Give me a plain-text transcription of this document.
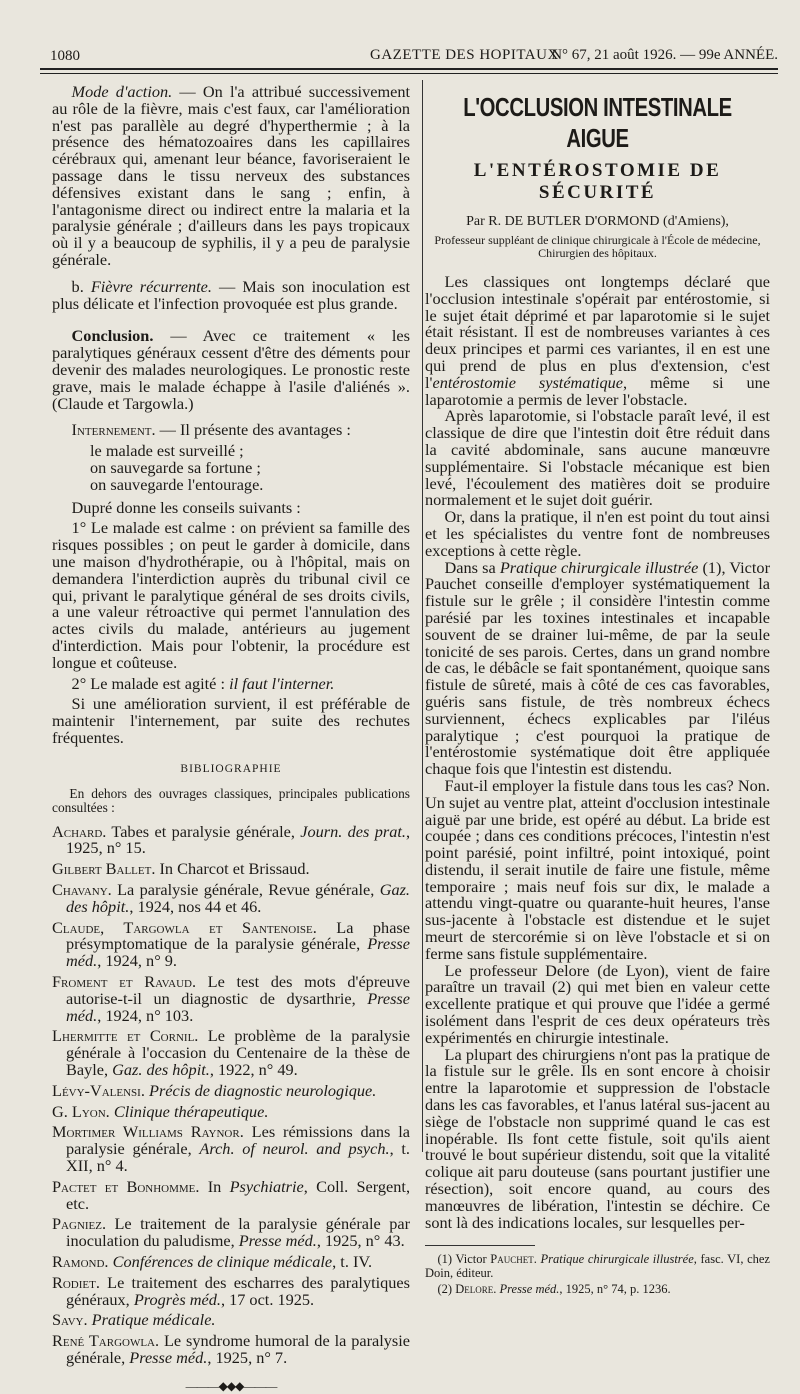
1080	GAZETTE DES HOPITAUX
N° 67, 21 août 1926. — 99e ANNÉE.

Mode d'action. — On l'a attribué successivement au rôle de la fièvre, mais c'est faux, car l'amélioration n'est pas parallèle au degré d'hyperthermie ; à la présence des hématozoaires dans les capillaires cérébraux qui, amenant leur béance, favoriseraient le passage dans le tissu nerveux des substances défensives existant dans le sang ; enfin, à l'antagonisme direct ou indirect entre la malaria et la paralysie générale ; d'ailleurs dans les pays tropicaux où il y a beaucoup de syphilis, il y a peu de paralysie générale.

b. Fièvre récurrente. — Mais son inoculation est plus délicate et l'infection provoquée est plus grande.

Conclusion. — Avec ce traitement « les paralytiques généraux cessent d'être des déments pour devenir des malades neurologiques. Le pronostic reste grave, mais le malade échappe à l'asile d'aliénés ». (Claude et Targowla.)

Internement. — Il présente des avantages :

le malade est surveillé ;

on sauvegarde sa fortune ;

on sauvegarde l'entourage.

Dupré donne les conseils suivants :

1° Le malade est calme : on prévient sa famille des risques possibles ; on peut le garder à domicile, dans une maison d'hydrothérapie, ou à l'hôpital, mais on demandera l'interdiction auprès du tribunal civil ce qui, privant le paralytique général de ses droits civils, a une valeur rétroactive qui permet l'annulation des actes civils du malade, antérieurs au jugement d'interdiction. Mais pour l'obtenir, la procédure est longue et coûteuse.

2° Le malade est agité : il faut l'interner.

Si une amélioration survient, il est préférable de maintenir l'internement, par suite des rechutes fréquentes.

BIBLIOGRAPHIE

En dehors des ouvrages classiques, principales publications consultées :

Achard. Tabes et paralysie générale, Journ. des prat., 1925, n° 15.

Gilbert Ballet. In Charcot et Brissaud.

Chavany. La paralysie générale, Revue générale, Gaz. des hôpit., 1924, nos 44 et 46.

Claude, Targowla et Santenoise. La phase présymptomatique de la paralysie générale, Presse méd., 1924, n° 9.

Froment et Ravaud. Le test des mots d'épreuve autorise-t-il un diagnostic de dysarthrie, Presse méd., 1924, n° 103.

Lhermitte et Cornil. Le problème de la paralysie générale à l'occasion du Centenaire de la thèse de Bayle, Gaz. des hôpit., 1922, n° 49.

Lévy-Valensi. Précis de diagnostic neurologique.

G. Lyon. Clinique thérapeutique.

Mortimer Williams Raynor. Les rémissions dans la paralysie générale, Arch. of neurol. and psych., t. XII, n° 4.

Pactet et Bonhomme. In Psychiatrie, Coll. Sergent, etc.

Pagniez. Le traitement de la paralysie générale par inoculation du paludisme, Presse méd., 1925, n° 43.

Ramond. Conférences de clinique médicale, t. IV.

Rodiet. Le traitement des escharres des paralytiques généraux, Progrès méd., 17 oct. 1925.

Savy. Pratique médicale.

René Targowla. Le syndrome humoral de la paralysie générale, Presse méd., 1925, n° 7.

———◆◆◆———
L'OCCLUSION INTESTINALE AIGUE
L'ENTÉROSTOMIE DE SÉCURITÉ
Par R. DE BUTLER D'ORMOND (d'Amiens),
Professeur suppléant de clinique chirurgicale à l'École de médecine, Chirurgien des hôpitaux.

Les classiques ont longtemps déclaré que l'occlusion intestinale s'opérait par entérostomie, si le sujet était déprimé et par laparotomie si le sujet était résistant. Il est de nombreuses variantes à ces deux principes et parmi ces variantes, il en est une qui prend de plus en plus d'extension, c'est l'entérostomie systématique, même si une laparotomie a permis de lever l'obstacle.

Après laparotomie, si l'obstacle paraît levé, il est classique de dire que l'intestin doit être réduit dans la cavité abdominale, sans aucune manœuvre supplémentaire. Si l'obstacle mécanique est bien levé, l'écoulement des matières doit se produire normalement et le sujet doit guérir.

Or, dans la pratique, il n'en est point du tout ainsi et les spécialistes du ventre font de nombreuses exceptions à cette règle.

Dans sa Pratique chirurgicale illustrée (1), Victor Pauchet conseille d'employer systématiquement la fistule sur le grêle ; il considère l'intestin comme parésié par les toxines intestinales et incapable souvent de se drainer lui-même, de par la seule tonicité de ses parois. Certes, dans un grand nombre de cas, le débâcle se fait spontanément, quoique sans fistule de sûreté, mais à côté de ces cas favorables, guéris sans fistule, de très nombreux échecs surviennent, échecs explicables par l'iléus paralytique ; c'est pourquoi la pratique de l'entérostomie systématique doit être appliquée chaque fois que l'intestin est distendu.

Faut-il employer la fistule dans tous les cas? Non. Un sujet au ventre plat, atteint d'occlusion intestinale aiguë par une bride, est opéré au début. La bride est coupée ; dans ces conditions précoces, l'intestin n'est point parésié, point infiltré, point intoxiqué, point distendu, il serait inutile de faire une fistule, même temporaire ; mais neuf fois sur dix, le malade a attendu vingt-quatre ou quarante-huit heures, l'anse sus-jacente à l'obstacle est distendue et le sujet meurt de stercorémie si on lève l'obstacle et si on ferme sans fistule supplémentaire.

Le professeur Delore (de Lyon), vient de faire paraître un travail (2) qui met bien en valeur cette excellente pratique et qui prouve que l'idée a germé isolément dans l'esprit de ces deux opérateurs très expérimentés en chirurgie intestinale.

La plupart des chirurgiens n'ont pas la pratique de la fistule sur le grêle. Ils en sont encore à choisir entre la laparotomie et suppression de l'obstacle dans les cas favorables, et l'anus latéral sus-jacent au siège de l'obstacle non supprimé quand le cas est inopérable. Ils font cette fistule, soit qu'ils aient trouvé le bout supérieur distendu, soit que la vitalité colique ait paru douteuse (sans pourtant justifier une résection), soit encore quand, au cours des manœuvres de libération, l'intestin se déchire. Ce sont là des indications locales, sur lesquelles per-

(1) Victor Pauchet. Pratique chirurgicale illustrée, fasc. VI, chez Doin, éditeur.

(2) Delore. Presse méd., 1925, n° 74, p. 1236.
